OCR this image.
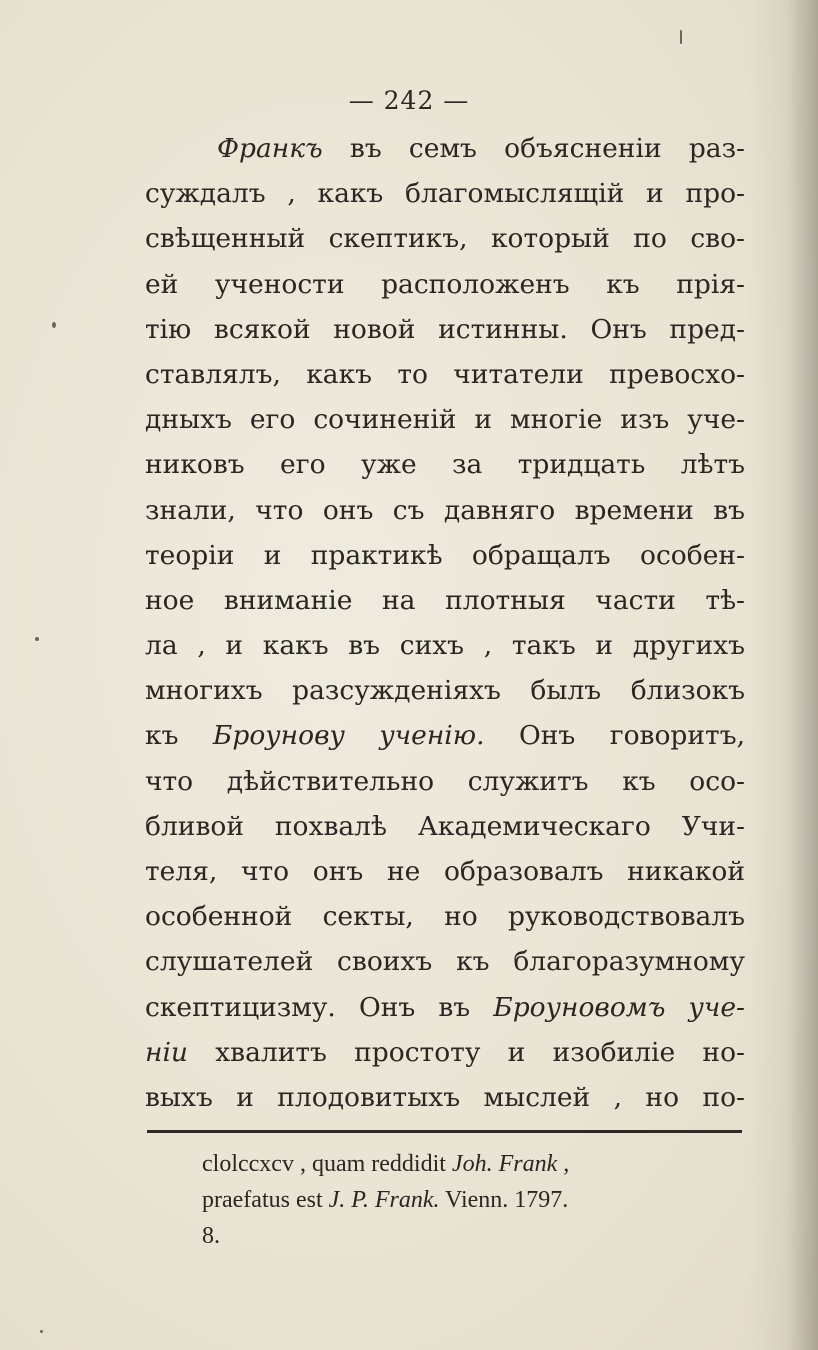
— 242 —
Франкъ въ семъ объясненіи раз-
суждалъ , какъ благомыслящій и про-
свѣщенный скептикъ, который по сво-
ей учености расположенъ къ прія-
тію всякой новой истинны. Онъ пред-
ставлялъ, какъ то читатели превосхо-
дныхъ его сочиненій и многіе изъ уче-
никовъ его уже за тридцать лѣтъ
знали, что онъ съ давняго времени въ
теоріи и практикѣ обращалъ особен-
ное вниманіе на плотныя части тѣ-
ла , и какъ въ сихъ , такъ и другихъ
многихъ разсужденіяхъ былъ близокъ
къ Броунову ученію. Онъ говоритъ,
что дѣйствительно служитъ къ осо-
бливой похвалѣ Академическаго Учи-
теля, что онъ не образовалъ никакой
особенной секты, но руководствовалъ
слушателей своихъ къ благоразумному
скептицизму. Онъ въ Броуновомъ уче-
ніи хвалитъ простоту и изобиліе но-
выхъ и плодовитыхъ мыслей , но по-
clolccxcv , quam reddidit Joh. Frank ,
praefatus est J. P. Frank. Vienn. 1797.
8.
